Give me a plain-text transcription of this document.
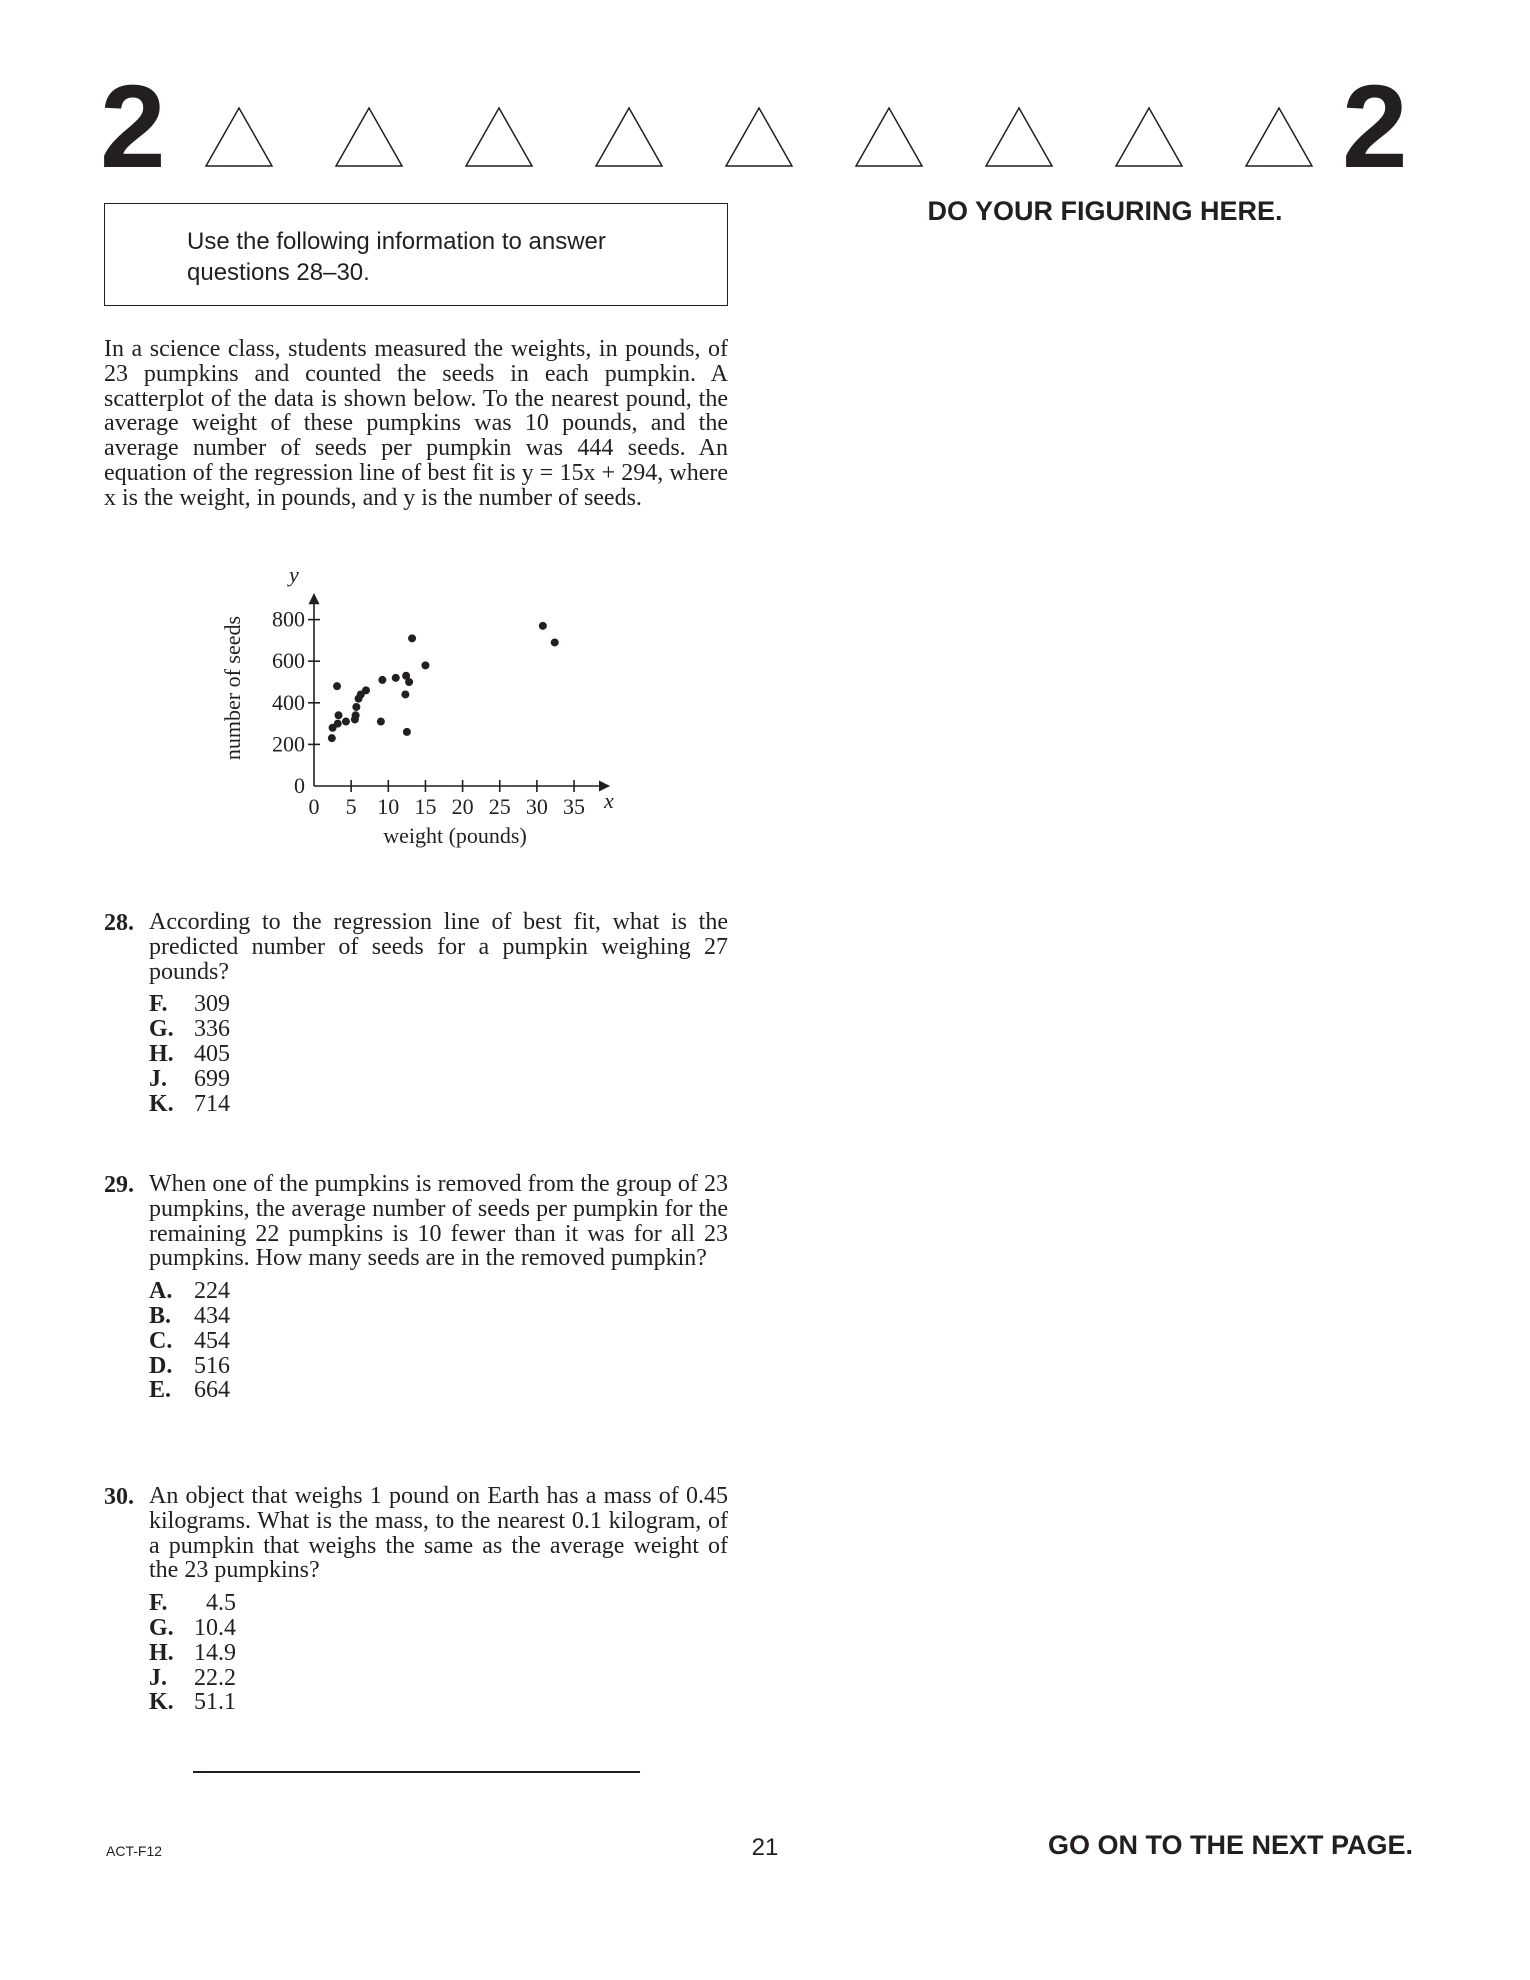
2	2
DO YOUR FIGURING HERE.
Use the following information to answer
questions 28–30.
In a science class, students measured the weights, in pounds, of 23 pumpkins and counted the seeds in each pumpkin. A scatterplot of the data is shown below. To the nearest pound, the average weight of these pumpkins was 10 pounds, and the average number of seeds per pumpkin was 444 seeds. An equation of the regression line of best fit is y = 15x + 294, where x is the weight, in pounds, and y is the number of seeds.
0 5 10 15 20 25 30 35
0
200
400
600
800
weight (pounds)
number of seeds
x
y
28. According to the regression line of best fit, what is the predicted number of seeds for a pumpkin weighing 27 pounds?
F.	309
G. 336
H. 405
J.	699
K. 714
29. When one of the pumpkins is removed from the group of 23 pumpkins, the average number of seeds per pumpkin for the remaining 22 pumpkins is 10 fewer than it was for all 23 pumpkins. How many seeds are in the removed pumpkin?
A. 224
B. 434
C. 454
D. 516
E. 664
30. An object that weighs 1 pound on Earth has a mass of 0.45 kilograms. What is the mass, to the nearest 0.1 kilogram, of a pumpkin that weighs the same as the average weight of the 23 pumpkins?
F.	4.5
G. 10.4
H. 14.9
J.	22.2
K. 51.1
ACT-F12	21	GO ON TO THE NEXT PAGE.
